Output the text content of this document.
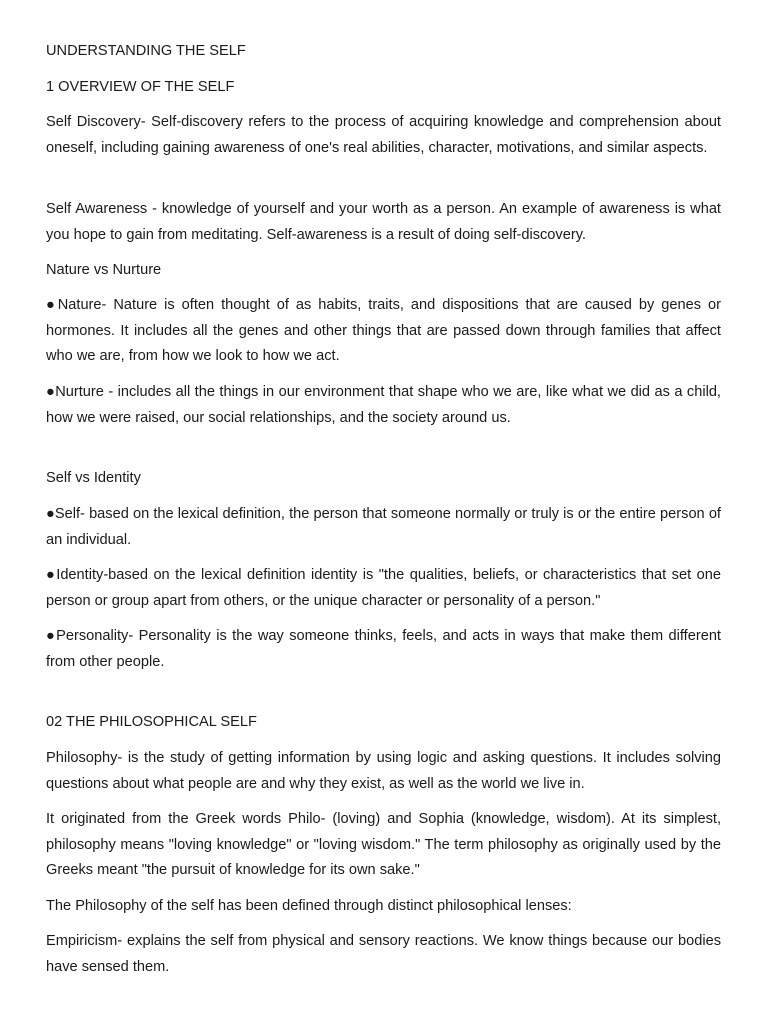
UNDERSTANDING THE SELF
1 OVERVIEW OF THE SELF
Self Discovery- Self-discovery refers to the process of acquiring knowledge and comprehension about oneself, including gaining awareness of one's real abilities, character, motivations, and similar aspects.
Self Awareness - knowledge of yourself and your worth as a person. An example of awareness is what you hope to gain from meditating. Self-awareness is a result of doing self-discovery.
Nature vs Nurture
●Nature- Nature is often thought of as habits, traits, and dispositions that are caused by genes or hormones. It includes all the genes and other things that are passed down through families that affect who we are, from how we look to how we act.
●Nurture - includes all the things in our environment that shape who we are, like what we did as a child, how we were raised, our social relationships, and the society around us.
Self vs Identity
●Self- based on the lexical definition, the person that someone normally or truly is or the entire person of an individual.
●Identity-based on the lexical definition identity is "the qualities, beliefs, or characteristics that set one person or group apart from others, or the unique character or personality of a person."
●Personality- Personality is the way someone thinks, feels, and acts in ways that make them different from other people.
02 THE PHILOSOPHICAL SELF
Philosophy- is the study of getting information by using logic and asking questions. It includes solving questions about what people are and why they exist, as well as the world we live in.
It originated from the Greek words Philo- (loving) and Sophia (knowledge, wisdom). At its simplest, philosophy means "loving knowledge" or "loving wisdom." The term philosophy as originally used by the Greeks meant "the pursuit of knowledge for its own sake."
The Philosophy of the self has been defined through distinct philosophical lenses:
Empiricism- explains the self from physical and sensory reactions. We know things because our bodies have sensed them.
